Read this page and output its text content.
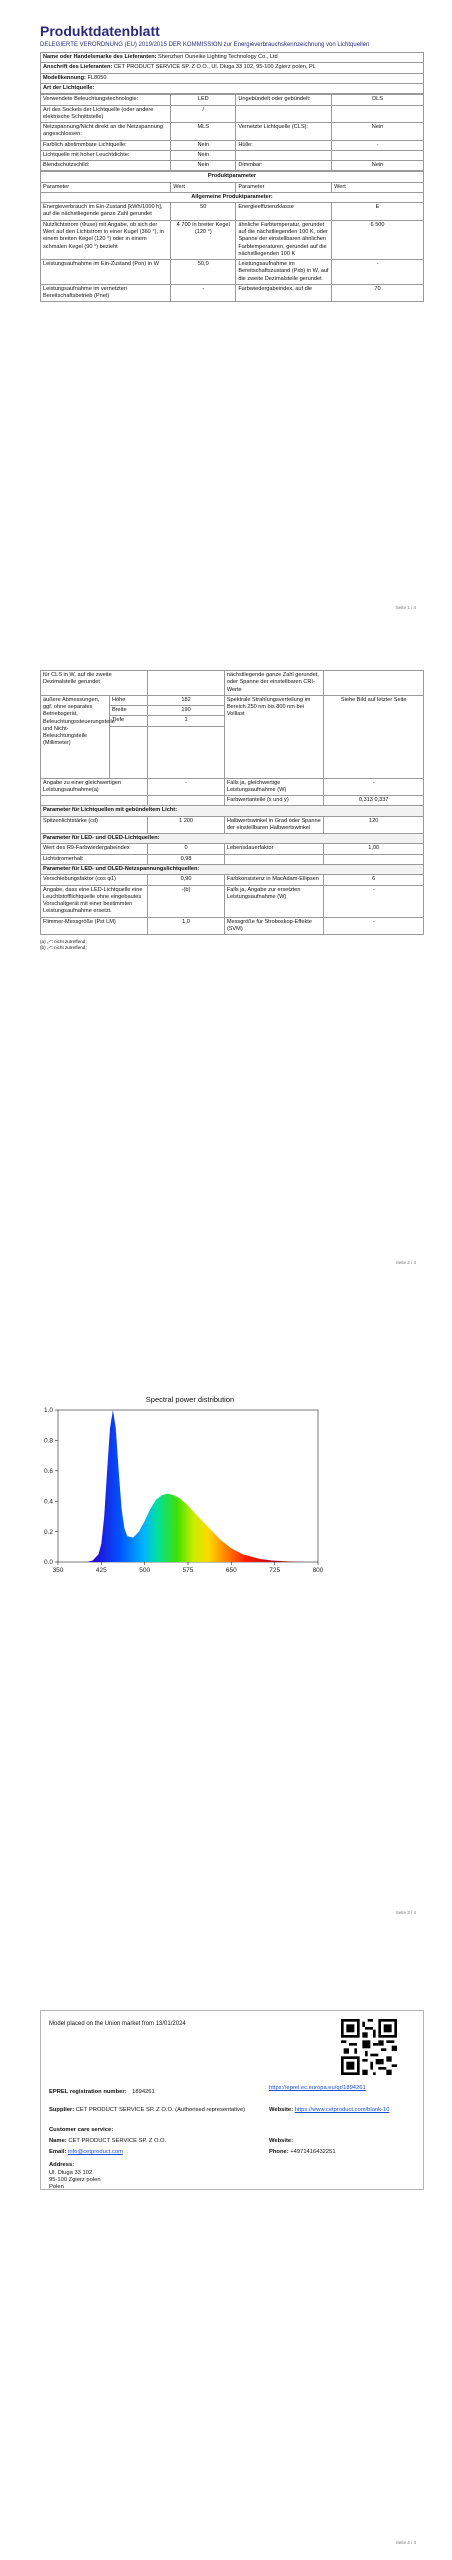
Produktdatenblatt
DELEGIERTE VERORDNUNG (EU) 2019/2015 DER KOMMISSION zur Energieverbrauchskennzeichnung von Lichtquellen
Name oder Handelsmarke des Lieferanten: Shenzhen Ouneike Lighting Technology Co., Ltd
Anschrift des Lieferanten: CET PRODUCT SERVICE SP. Z O.O., Ul. Dluga 33 102, 95-100 Zgierz polen, PL
Modellkennung: FL8050
Art der Lichtquelle:
Verwendete Beleuchtungstechnologie:	LED	Ungebündelt oder gebündelt:	DLS
Art des Sockels der Lichtquelle (oder andere elektrische Schnittstelle)	/		
Netzspannung/Nicht direkt an die Netzspannung angeschlossen:	MLS	Vernetzte Lichtquelle (CLS):	Nein
Farblich abstimmbare Lichtquelle:	Nein	Hülle:	-
Lichtquelle mit hoher Leuchtdichte:	Nein		
Blendschutzschild:	Nein	Dimmbar:	Nein
Produktparameter			
Parameter	Wert	Parameter	Wert
Allgemeine Produktparameter:			
Energieverbrauch im Ein-Zustand [kWh/1000 h], auf die nächstliegende ganze Zahl gerundet	50	Energieeffizienzklasse	E
Nutzlichtstrom (Φuse) mit Angabe, ob sich der Wert auf den Lichtstrom in einer Kugel (360 °), in einem breiten Kegel (120 °) oder in einem schmalen Kegel (90 °) bezieht	4 700 in breiter Kegel (120 °)	ähnliche Farbtemperatur, gerundet auf die nächstliegenden 100 K, oder Spanne der einstellbaren ähnlichen Farbtemperaturen, gerundet auf die nächstliegenden 100 K	6 500
Leistungsaufnahme im Ein-Zustand (Pon) in W	50,0	Leistungsaufnahme im Bereitschaftszustand (Psb) in W, auf die zweite Dezimalstelle gerundet	-
Leistungsaufnahme im vernetzten Bereitschaftsbetrieb (Pnet)	-	Farbwiedergabeindex, auf die	70
Seite 1 / 4
für CLS in W, auf die zweite Dezimalstelle gerundet			nächstliegende ganze Zahl gerundet, oder Spanne der einstellbaren CRI-Werte	
äußere Abmessungen, ggf. ohne separates Betriebsgerät, Beleuchtungssteuerungsteile und Nicht-Beleuchtungsteile (Millimeter)	Höhe	182	Spektrale Strahlungsverteilung im Bereich 250 nm bis 800 nm bei Volllast	Siehe Bild auf letzter Seite
	Breite	190		
	Tiefe	1		

Angabe zu einer gleichwertigen Leistungsaufnahme(a)		-	Falls ja, gleichwertige Leistungsaufnahme (W)	-
			Farbwertanteile (x und y)	0,313 0,337
Parameter für Lichtquellen mit gebündeltem Licht:				
Spitzenlichtstärke (cd)		1 200	Halbwertswinkel in Grad oder Spanne der einstellbaren Halbwertswinkel	120
Parameter für LED- und OLED-Lichtquellen:				
Wert des R9-Farbwiedergabeindex		0	Lebensdauerfaktor	1,00
Lichtstromerhalt		0,98		
Parameter für LED- und OLED-Netzspannungslichtquellen:				
Verschiebungsfaktor (cos φ1)		0,90	Farbkonsistenz in MacAdam-Ellipsen	6
Angabe, dass eine LED-Lichtquelle eine Leuchtstofflichtquelle ohne eingebautes Vorschaltgerät mit einer bestimmten Leistungsaufnahme ersetzt.		-(b)	Falls ja, Angabe zur ersetzten Leistungsaufnahme (W)	-
Flimmer-Messgröße (Pst LM)		1,0	Messgröße für Stroboskop-Effekte (SVM)	-
(a) „-“: nicht zutreffend;
(b) „-“: nicht zutreffend;
Seite 2 / 4
Spectral power distribution
350	425	500	575	650	725	800
0.0
0.2
0.4
0.6
0.8
1.0
Seite 3 / 4
Model placed on the Union market from 13/01/2024
EPREL registration number: 1894261
https://eprel.ec.europa.eu/qr/1894261
Supplier: CET PRODUCT SERVICE SP. Z O.O. (Authorised representative)	Website: https://www.cetproduct.com/blank-10
Customer care service:
Name: CET PRODUCT SERVICE SP. Z O.O.	Website:
Email: info@cetproduct.com	Phone: +4971416432251
Address:
Ul. Dluga 33 102
95-100 Zgierz polen
Polen
Seite 4 / 4
